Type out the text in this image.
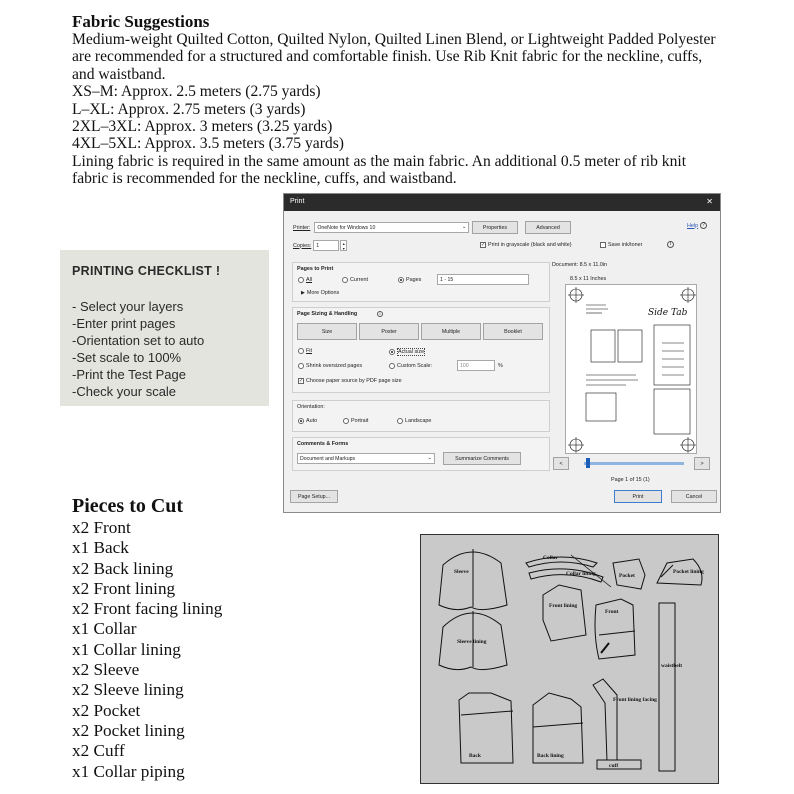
Fabric Suggestions

Medium-weight Quilted Cotton, Quilted Nylon, Quilted Linen Blend, or Lightweight Padded Polyester are recommended for a structured and comfortable finish. Use Rib Knit fabric for the neckline, cuffs, and waistband.

XS–M: Approx. 2.5 meters (2.75 yards)

L–XL: Approx. 2.75 meters (3 yards)

2XL–3XL: Approx. 3 meters (3.25 yards)

4XL–5XL: Approx. 3.5 meters (3.75 yards)

Lining fabric is required in the same amount as the main fabric. An additional 0.5 meter of rib knit fabric is recommended for the neckline, cuffs, and waistband.

PRINTING CHECKLIST !
- Select your layers
-Enter print pages
-Orientation set to auto
-Set scale to 100%
-Print the Test Page
-Check your scale
Print	✕
Printer:	OneNote for Windows 10	⌄	Properties	Advanced	Help ?
Copies: 1	▴
▾
✓ Print in grayscale (black and white)	Save ink/toner	i
Pages to Print
All	Current	Pages	1 - 15
▶ More Options
Page Sizing & Handling	i
Size	Poster	Multiple	Booklet
Fit	Actual size
Shrink oversized pages	Custom Scale:	100	%
✓ Choose paper source by PDF page size
Orientation:
Auto	Portrait	Landscape
Comments & Forms
Document and Markups	⌄	Summarize Comments
Document: 8.5 x 11.0in
8.5 x 11 Inches
<	>
Page 1 of 15 (1)
Page Setup...	Print	Cancel
Side Tab
Pieces to Cut
x2 Front
x1 Back
x2 Back lining
x2 Front lining
x2 Front facing lining
x1 Collar
x1 Collar lining
x2 Sleeve
x2 Sleeve lining
x2 Pocket
x2 Pocket lining
x2 Cuff
x1 Collar piping
Sleeve
Sleeve lining
Collar
Collar lining	Pocket
Pocket lining
Front lining
Front
waistbelt
Front lining facing
Back	Back lining
cuff
